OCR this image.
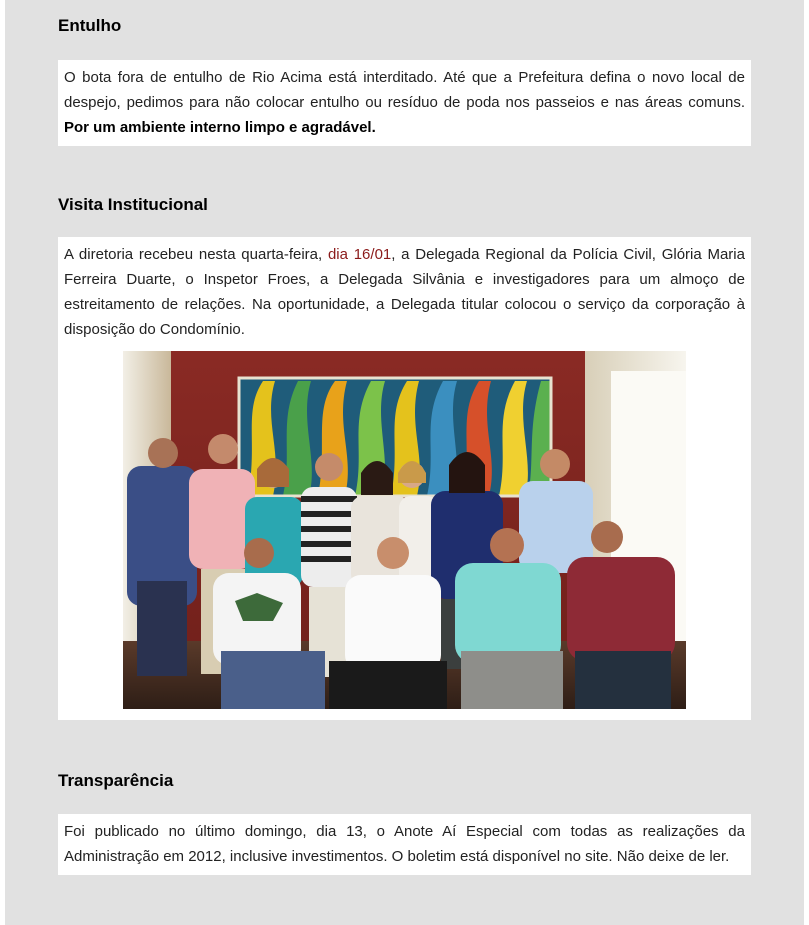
Entulho

O bota fora de entulho de Rio Acima está interditado. Até que a Prefeitura defina o novo local de despejo, pedimos para não colocar entulho ou resíduo de poda nos passeios e nas áreas comuns. Por um ambiente interno limpo e agradável.

Visita Institucional

A diretoria recebeu nesta quarta-feira, dia 16/01, a Delegada Regional da Polícia Civil, Glória Maria Ferreira Duarte, o Inspetor Froes, a Delegada Silvânia e investigadores para um almoço de estreitamento de relações. Na oportunidade, a Delegada titular colocou o serviço da corporação à disposição do Condomínio.

Transparência

Foi publicado no último domingo, dia 13, o Anote Aí Especial com todas as realizações da Administração em 2012, inclusive investimentos. O boletim está disponível no site. Não deixe de ler.
